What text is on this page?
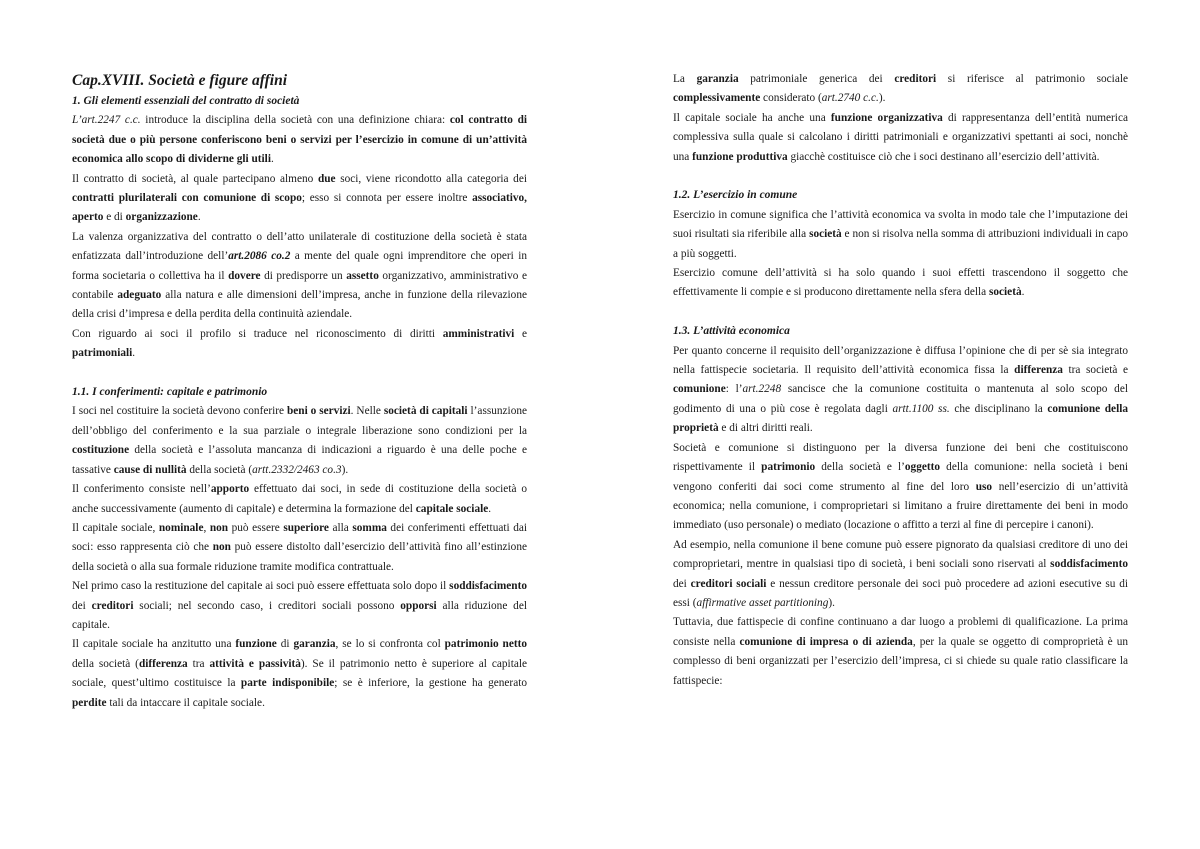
Cap.XVIII. Società e figure affini

1. Gli elementi essenziali del contratto di società

L’art.2247 c.c. introduce la disciplina della società con una definizione chiara: col contratto di società due o più persone conferiscono beni o servizi per l’esercizio in comune di un’attività economica allo scopo di dividerne gli utili.

Il contratto di società, al quale partecipano almeno due soci, viene ricondotto alla categoria dei contratti plurilaterali con comunione di scopo; esso si connota per essere inoltre associativo, aperto e di organizzazione.

La valenza organizzativa del contratto o dell’atto unilaterale di costituzione della società è stata enfatizzata dall’introduzione dell’art.2086 co.2 a mente del quale ogni imprenditore che operi in forma societaria o collettiva ha il dovere di predisporre un assetto organizzativo, amministrativo e contabile adeguato alla natura e alle dimensioni dell’impresa, anche in funzione della rilevazione della crisi d’impresa e della perdita della continuità aziendale.

Con riguardo ai soci il profilo si traduce nel riconoscimento di diritti amministrativi e patrimoniali.

1.1. I conferimenti: capitale e patrimonio

I soci nel costituire la società devono conferire beni o servizi. Nelle società di capitali l’assunzione dell’obbligo del conferimento e la sua parziale o integrale liberazione sono condizioni per la costituzione della società e l’assoluta mancanza di indicazioni a riguardo è una delle poche e tassative cause di nullità della società (artt.2332/2463 co.3).

Il conferimento consiste nell’apporto effettuato dai soci, in sede di costituzione della società o anche successivamente (aumento di capitale) e determina la formazione del capitale sociale.

Il capitale sociale, nominale, non può essere superiore alla somma dei conferimenti effettuati dai soci: esso rappresenta ciò che non può essere distolto dall’esercizio dell’attività fino all’estinzione della società o alla sua formale riduzione tramite modifica contrattuale.

Nel primo caso la restituzione del capitale ai soci può essere effettuata solo dopo il soddisfacimento dei creditori sociali; nel secondo caso, i creditori sociali possono opporsi alla riduzione del capitale.

Il capitale sociale ha anzitutto una funzione di garanzia, se lo si confronta col patrimonio netto della società (differenza tra attività e passività). Se il patrimonio netto è superiore al capitale sociale, quest’ultimo costituisce la parte indisponibile; se è inferiore, la gestione ha generato perdite tali da intaccare il capitale sociale.

La garanzia patrimoniale generica dei creditori si riferisce al patrimonio sociale complessivamente considerato (art.2740 c.c.).

Il capitale sociale ha anche una funzione organizzativa di rappresentanza dell’entità numerica complessiva sulla quale si calcolano i diritti patrimoniali e organizzativi spettanti ai soci, nonchè una funzione produttiva giacchè costituisce ciò che i soci destinano all’esercizio dell’attività.

1.2. L’esercizio in comune

Esercizio in comune significa che l’attività economica va svolta in modo tale che l’imputazione dei suoi risultati sia riferibile alla società e non si risolva nella somma di attribuzioni individuali in capo a più soggetti.

Esercizio comune dell’attività si ha solo quando i suoi effetti trascendono il soggetto che effettivamente li compie e si producono direttamente nella sfera della società.

1.3. L’attività economica

Per quanto concerne il requisito dell’organizzazione è diffusa l’opinione che di per sè sia integrato nella fattispecie societaria. Il requisito dell’attività economica fissa la differenza tra società e comunione: l’art.2248 sancisce che la comunione costituita o mantenuta al solo scopo del godimento di una o più cose è regolata dagli artt.1100 ss. che disciplinano la comunione della proprietà e di altri diritti reali.

Società e comunione si distinguono per la diversa funzione dei beni che costituiscono rispettivamente il patrimonio della società e l’oggetto della comunione: nella società i beni vengono conferiti dai soci come strumento al fine del loro uso nell’esercizio di un’attività economica; nella comunione, i comproprietari si limitano a fruire direttamente dei beni in modo immediato (uso personale) o mediato (locazione o affitto a terzi al fine di percepire i canoni).

Ad esempio, nella comunione il bene comune può essere pignorato da qualsiasi creditore di uno dei comproprietari, mentre in qualsiasi tipo di società, i beni sociali sono riservati al soddisfacimento dei creditori sociali e nessun creditore personale dei soci può procedere ad azioni esecutive su di essi (affirmative asset partitioning).

Tuttavia, due fattispecie di confine continuano a dar luogo a problemi di qualificazione. La prima consiste nella comunione di impresa o di azienda, per la quale se oggetto di comproprietà è un complesso di beni organizzati per l’esercizio dell’impresa, ci si chiede su quale ratio classificare la fattispecie:
